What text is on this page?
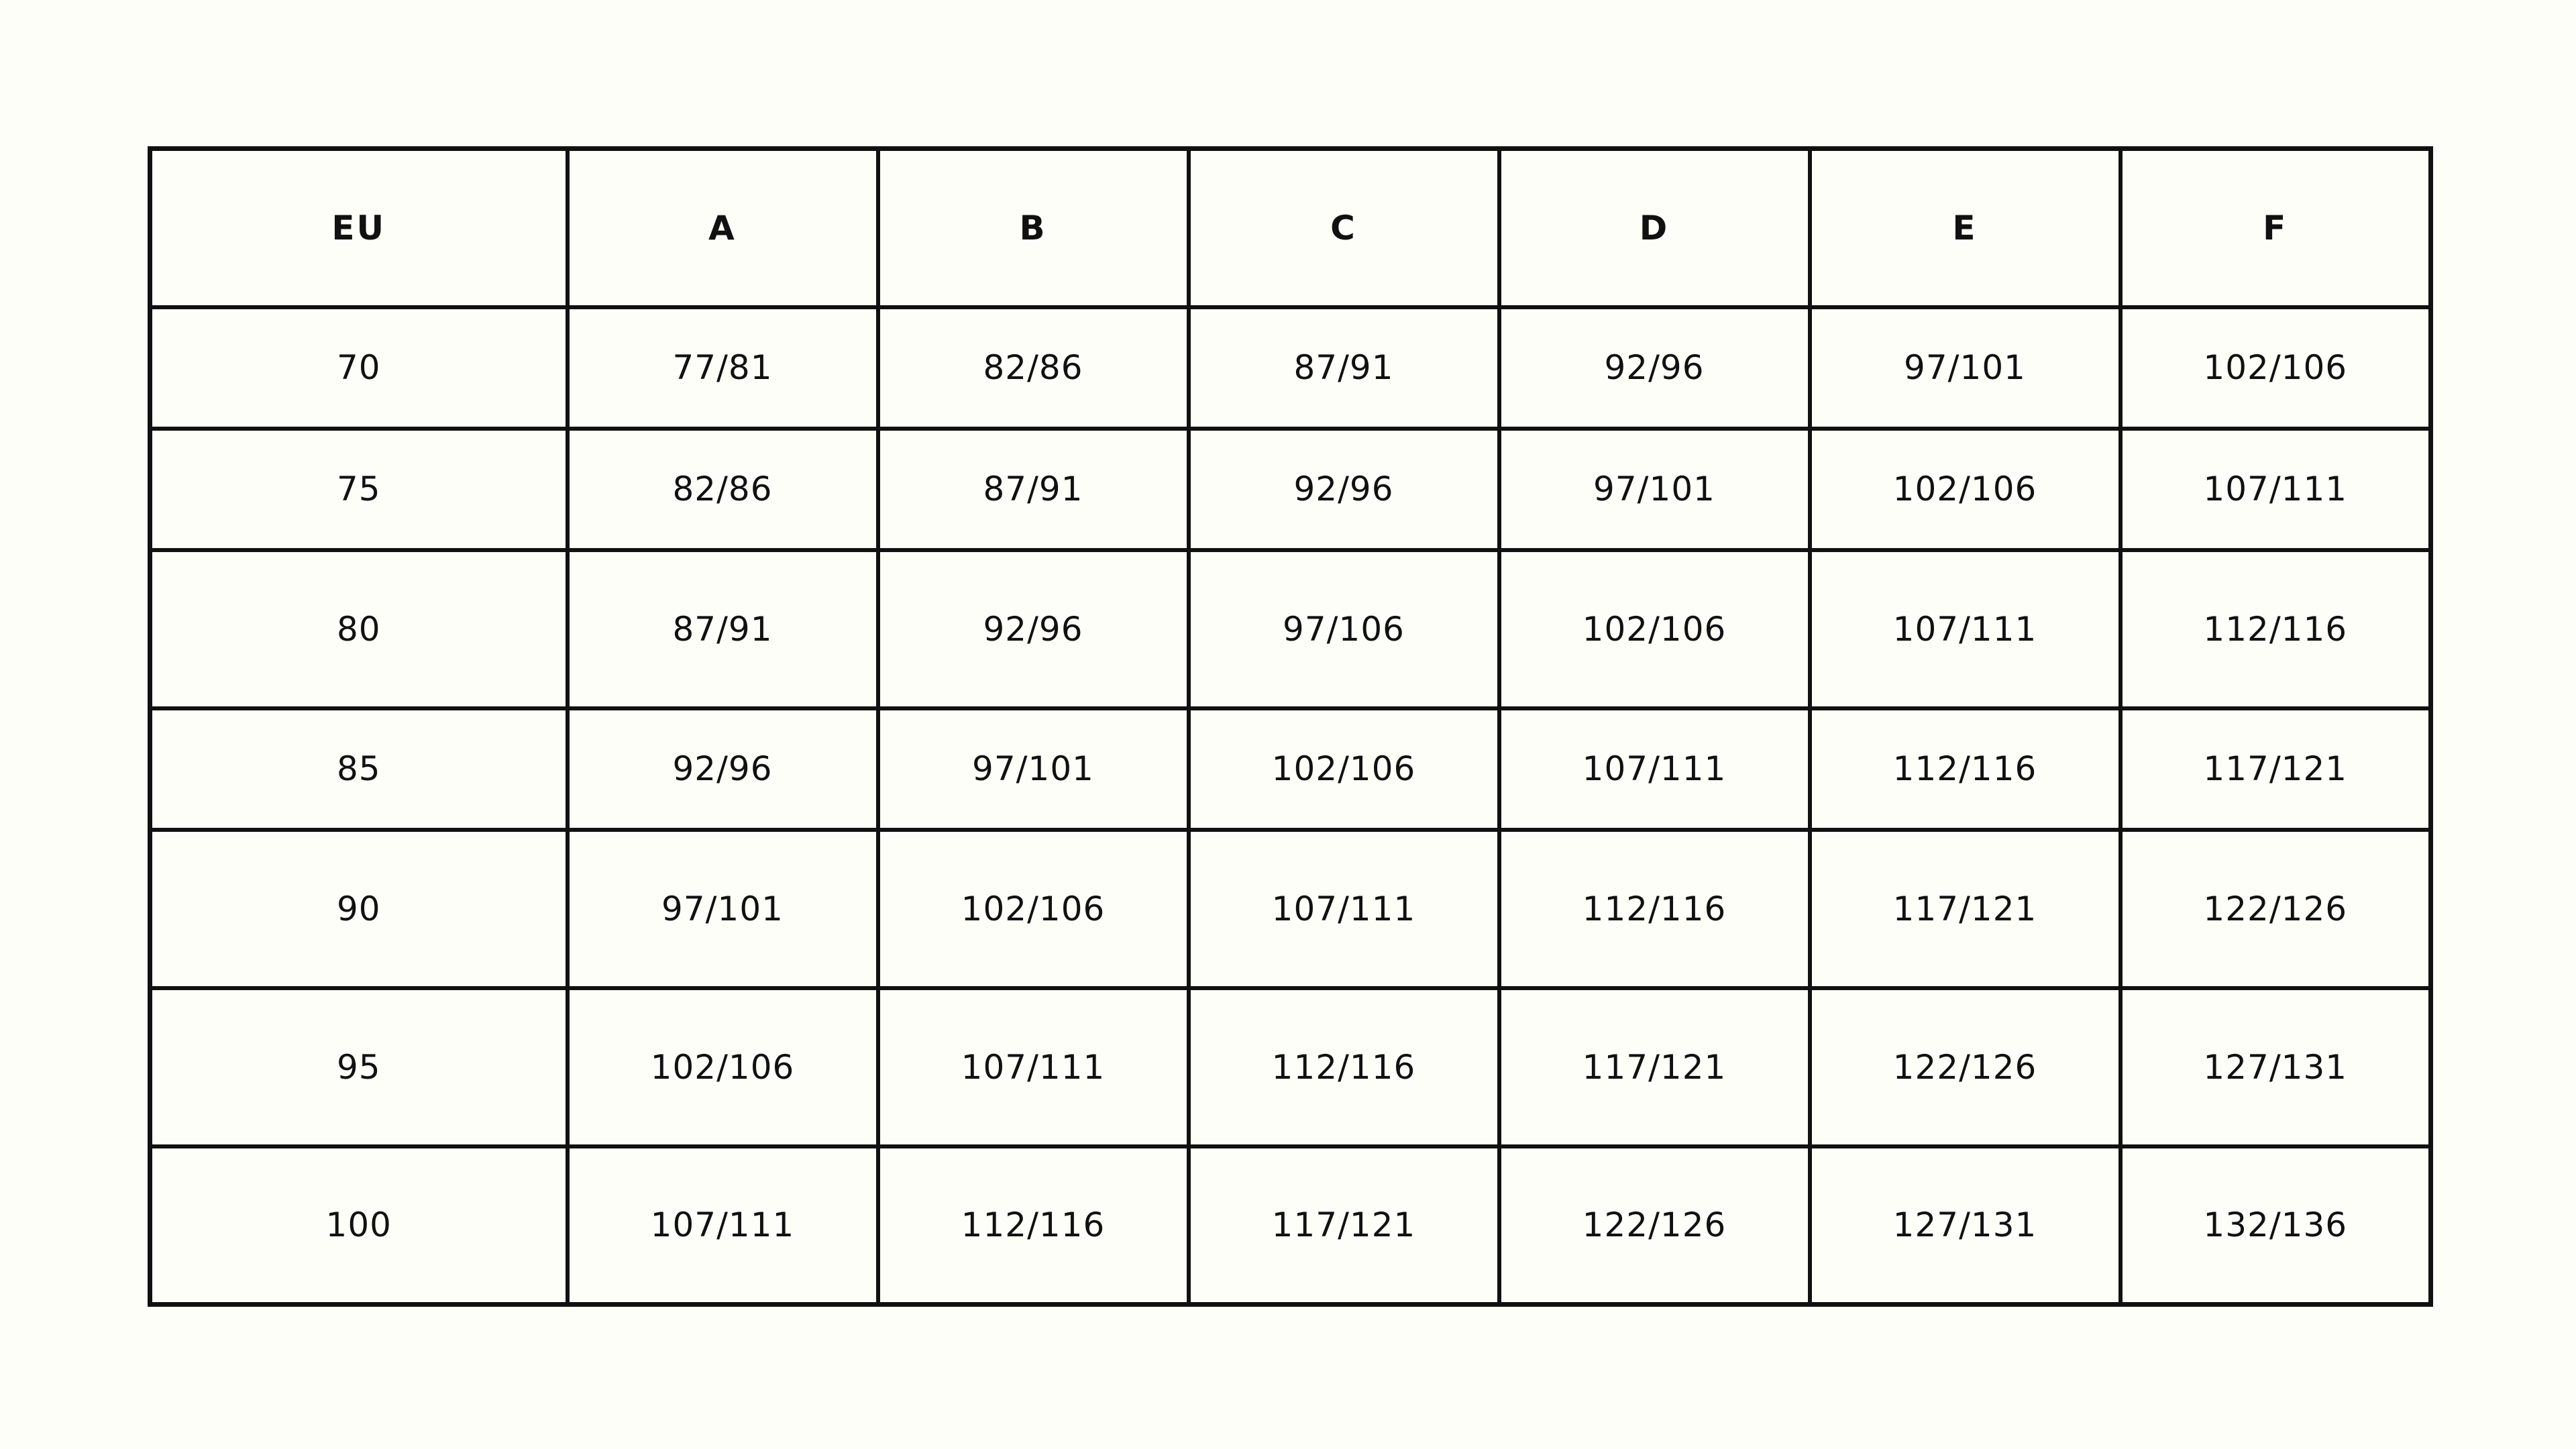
EU	A	B	C	D	E	F
70	77/81	82/86	87/91	92/96	97/101	102/106
75	82/86	87/91	92/96	97/101	102/106	107/111
80	87/91	92/96	97/106	102/106	107/111	112/116
85	92/96	97/101	102/106	107/111	112/116	117/121
90	97/101	102/106	107/111	112/116	117/121	122/126
95	102/106	107/111	112/116	117/121	122/126	127/131
100	107/111	112/116	117/121	122/126	127/131	132/136
